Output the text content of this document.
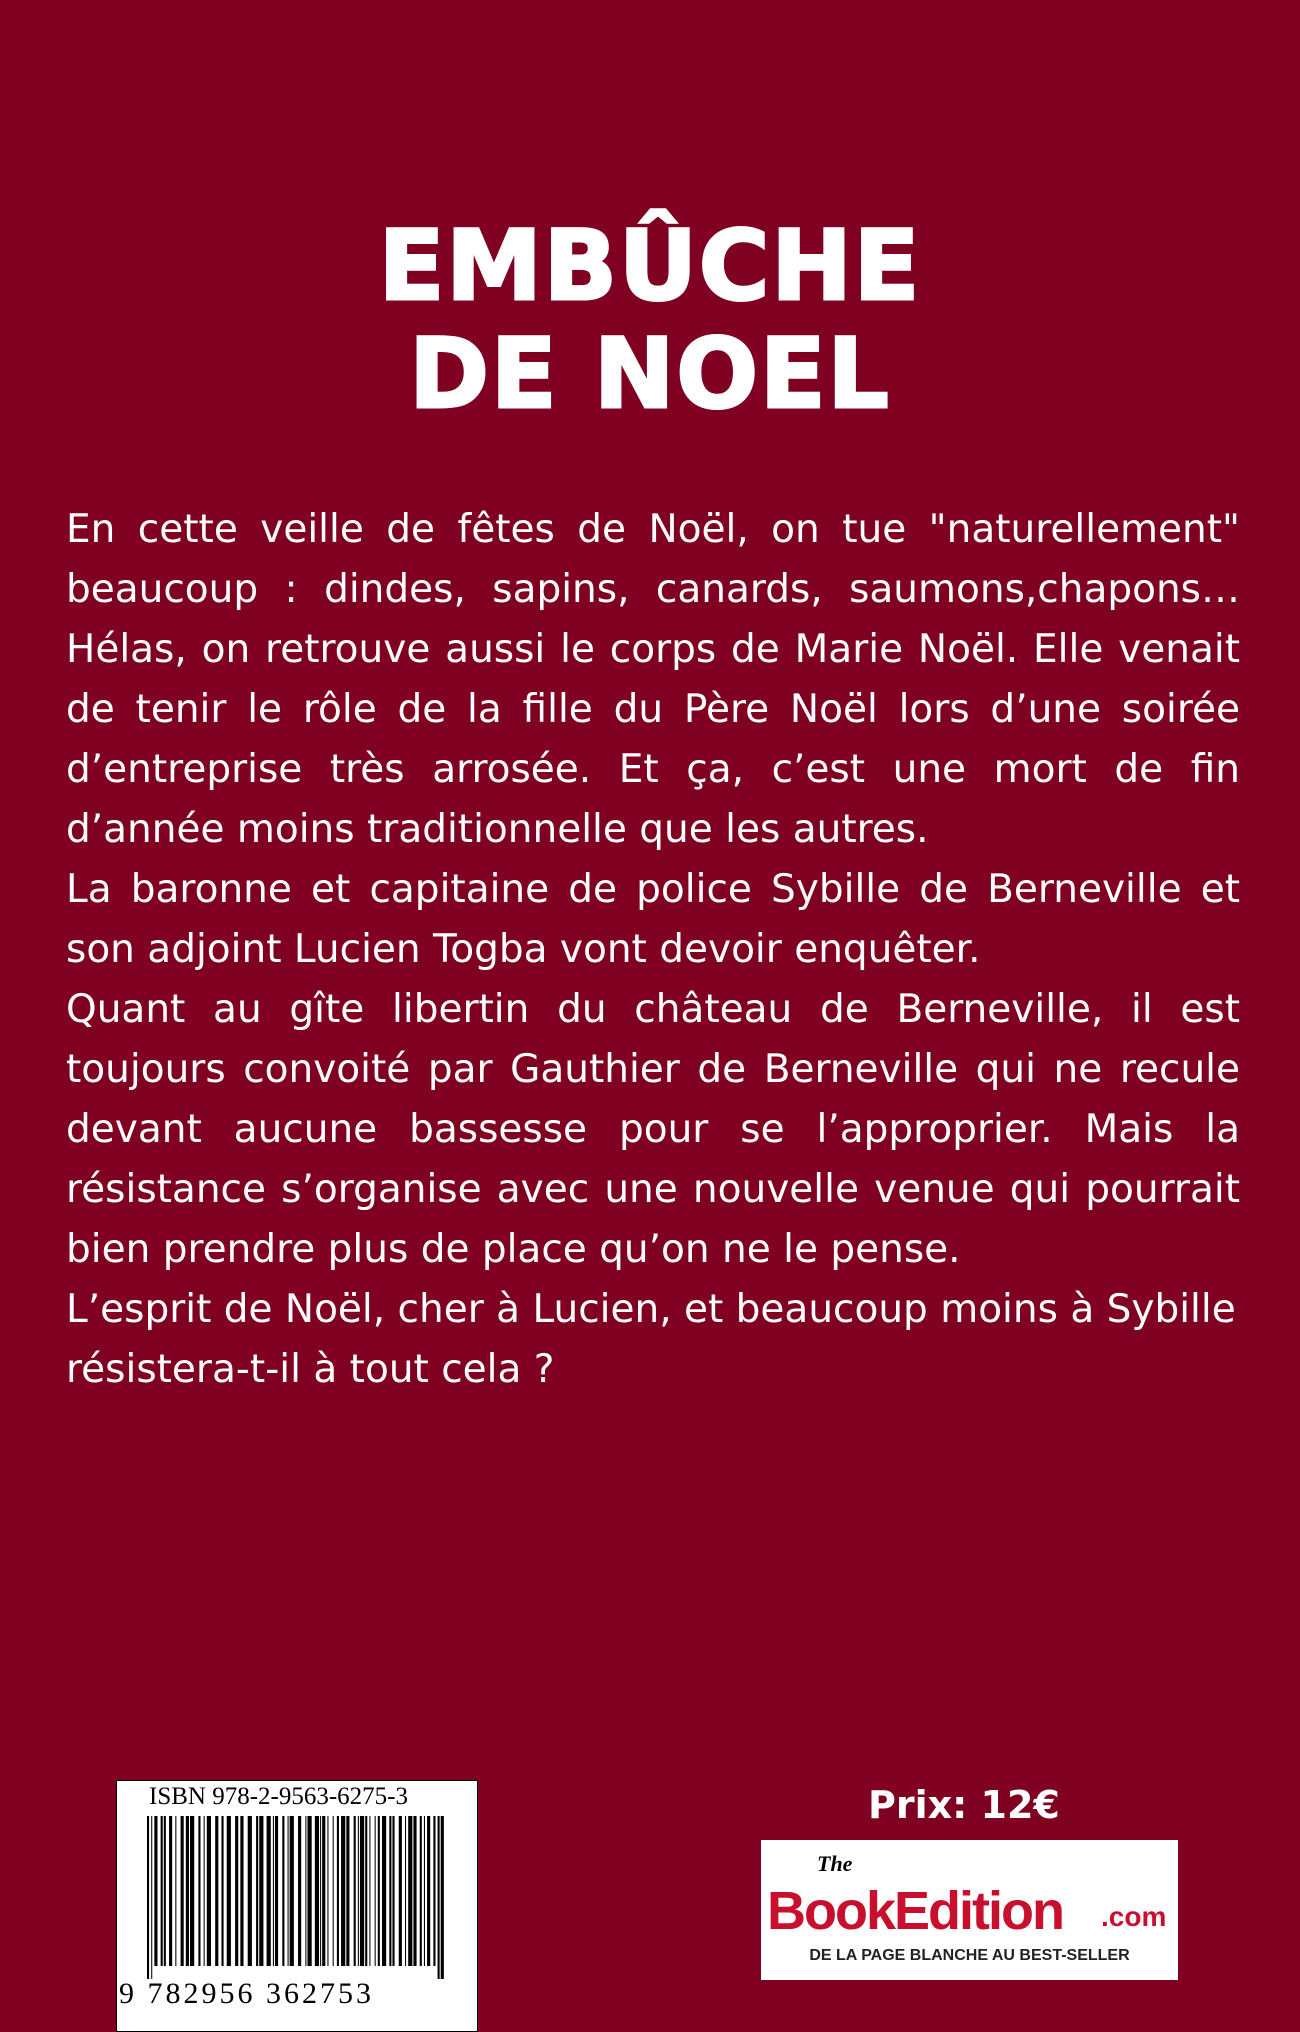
EMBÛCHE
DE NOEL

En cette veille de fêtes de Noël, on tue "naturellement" beaucoup : dindes, sapins, canards, saumons,chapons… Hélas, on retrouve aussi le corps de Marie Noël. Elle venait de tenir le rôle de la fille du Père Noël lors d’une soirée d’entreprise très arrosée. Et ça, c’est une mort de fin d’année moins traditionnelle que les autres.

La baronne et capitaine de police Sybille de Berneville et son adjoint Lucien Togba vont devoir enquêter.

Quant au gîte libertin du château de Berneville, il est toujours convoité par Gauthier de Berneville qui ne recule devant aucune bassesse pour se l’approprier. Mais la résistance s’organise avec une nouvelle venue qui pourrait bien prendre plus de place qu’on ne le pense.

L’esprit de Noël, cher à Lucien, et beaucoup moins à Sybille résistera-t-il à tout cela ?

ISBN 978-2-9563-6275-3
9 782956 362753
Prix: 12€
The
BookEdition .com
DE LA PAGE BLANCHE AU BEST-SELLER
